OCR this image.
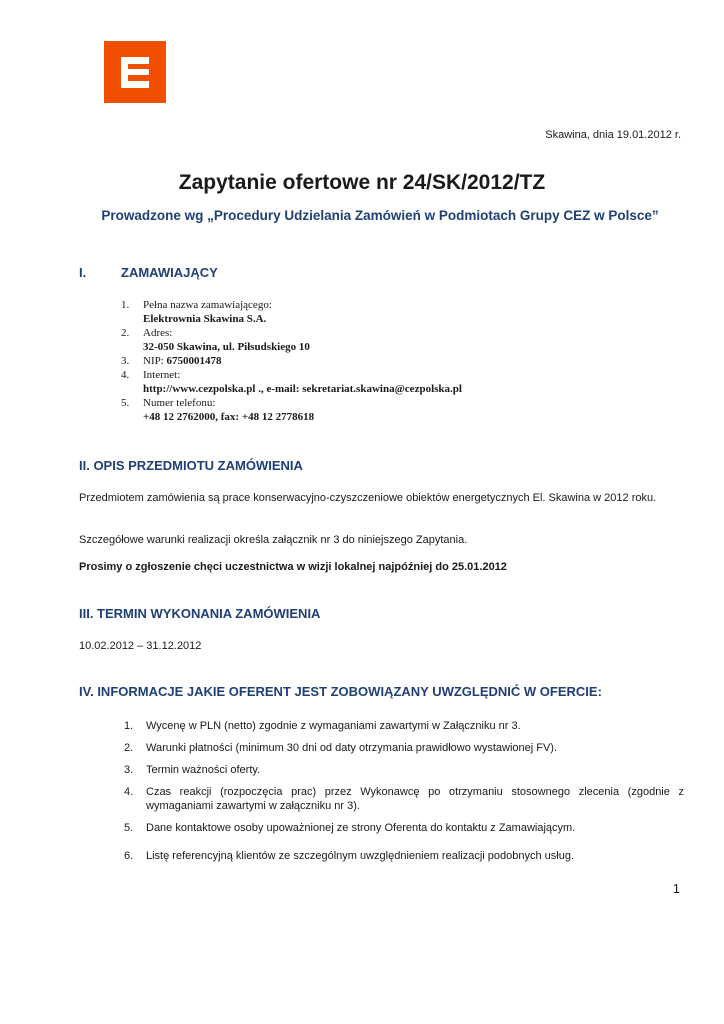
Skawina, dnia 19.01.2012 r.
Zapytanie ofertowe nr 24/SK/2012/TZ
Prowadzone wg „Procedury Udzielania Zamówień w Podmiotach Grupy CEZ w Polsce”
I.	ZAMAWIAJĄCY
1.	Pełna nazwa zamawiającego:
Elektrownia Skawina S.A.
2.	Adres:
32-050 Skawina, ul. Piłsudskiego 10
3.	NIP: 6750001478
4.	Internet:
http://www.cezpolska.pl ., e-mail: sekretariat.skawina@cezpolska.pl
5.	Numer telefonu:
+48 12 2762000, fax: +48 12 2778618
II. OPIS PRZEDMIOTU ZAMÓWIENIA
Przedmiotem zamówienia są prace konserwacyjno-czyszczeniowe obiektów energetycznych El. Skawina w 2012 roku.
Szczegółowe warunki realizacji określa załącznik nr 3 do niniejszego Zapytania.
Prosimy o zgłoszenie chęci uczestnictwa w wizji lokalnej najpóźniej do 25.01.2012
III. TERMIN WYKONANIA ZAMÓWIENIA
10.02.2012 – 31.12.2012
IV. INFORMACJE JAKIE OFERENT JEST ZOBOWIĄZANY UWZGLĘDNIĆ W OFERCIE:
1.	Wycenę w PLN (netto) zgodnie z wymaganiami zawartymi w Załączniku nr 3.
2.	Warunki płatności (minimum 30 dni od daty otrzymania prawidłowo wystawionej FV).
3.	Termin ważności oferty.
4.	Czas reakcji (rozpoczęcia prac) przez Wykonawcę po otrzymaniu stosownego zlecenia (zgodnie z wymaganiami zawartymi w załączniku nr 3).
5.	Dane kontaktowe osoby upoważnionej ze strony Oferenta do kontaktu z Zamawiającym.
6.	Listę referencyjną klientów ze szczególnym uwzględnieniem realizacji podobnych usług.
1
